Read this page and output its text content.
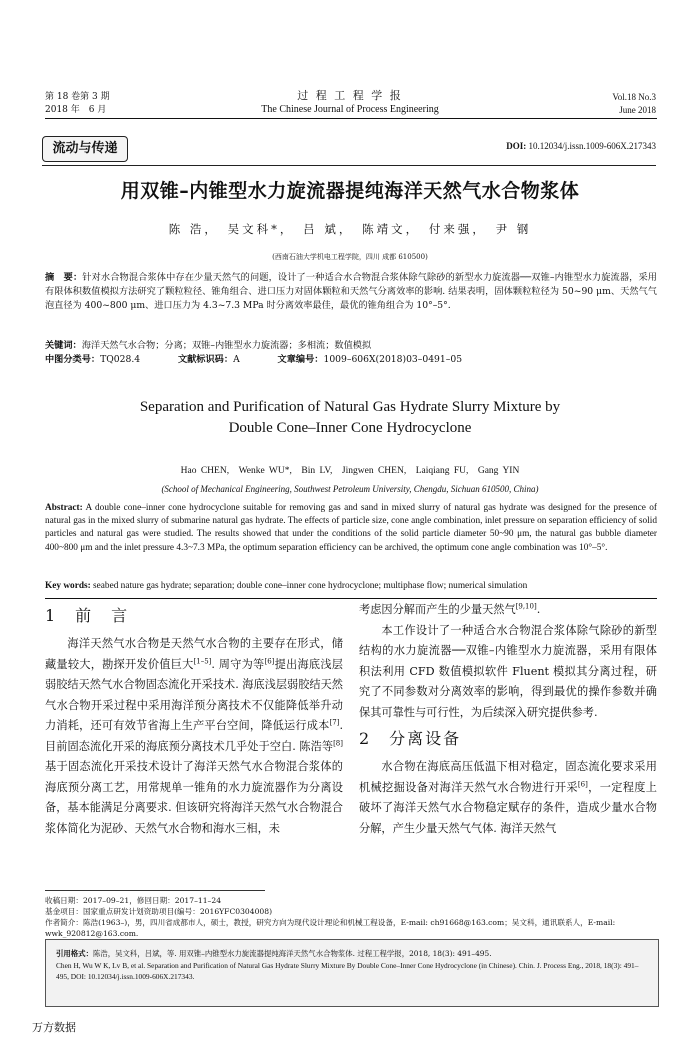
第 18 卷第 3 期
2018 年　6 月
过 程 工 程 学 报
The Chinese Journal of Process Engineering
Vol.18 No.3
June 2018
流动与传递	DOI: 10.12034/j.issn.1009-606X.217343
用双锥–内锥型水力旋流器提纯海洋天然气水合物浆体
陈 浩，　吴文科*，　吕 斌，　陈靖文，　付来强，　尹 钢
(西南石油大学机电工程学院，四川 成都 610500)
摘　要：针对水合物混合浆体中存在少量天然气的问题，设计了一种适合水合物混合浆体除气除砂的新型水力旋流器──双锥–内锥型水力旋流器，采用有限体积数值模拟方法研究了颗粒粒径、锥角组合、进口压力对固体颗粒和天然气分离效率的影响. 结果表明，固体颗粒粒径为 50~90 μm、天然气气泡直径为 400~800 μm、进口压力为 4.3~7.3 MPa 时分离效率最佳，最优的锥角组合为 10°–5°.
关键词：海洋天然气水合物；分离；双锥–内锥型水力旋流器；多相流；数值模拟
中图分类号：TQ028.4	文献标识码：A	文章编号：1009–606X(2018)03–0491–05
Separation and Purification of Natural Gas Hydrate Slurry Mixture by
Double Cone–Inner Cone Hydrocyclone
Hao CHEN,　Wenke WU*,　Bin LV,　Jingwen CHEN,　Laiqiang FU,　Gang YIN
(School of Mechanical Engineering, Southwest Petroleum University, Chengdu, Sichuan 610500, China)
Abstract: A double cone–inner cone hydrocyclone suitable for removing gas and sand in mixed slurry of natural gas hydrate was designed for the presence of natural gas in the mixed slurry of submarine natural gas hydrate. The effects of particle size, cone angle combination, inlet pressure on separation efficiency of solid particles and natural gas were studied. The results showed that under the conditions of the solid particle diameter 50~90 μm, the natural gas bubble diameter 400~800 μm and the inlet pressure 4.3~7.3 MPa, the optimum separation efficiency can be archived, the optimum cone angle combination was 10°–5°.
Key words: seabed nature gas hydrate; separation; double cone–inner cone hydrocyclone; multiphase flow; numerical simulation
1　前　言

海洋天然气水合物是天然气水合物的主要存在形式，储藏量较大，勘探开发价值巨大[1–5]. 周守为等[6]提出海底浅层弱胶结天然气水合物固态流化开采技术. 海底浅层弱胶结天然气水合物开采过程中采用海洋预分离技术不仅能降低举升动力消耗，还可有效节省海上生产平台空间，降低运行成本[7]. 目前固态流化开采的海底预分离技术几乎处于空白. 陈浩等[8]基于固态流化开采技术设计了海洋天然气水合物混合浆体的海底预分离工艺，用常规单一锥角的水力旋流器作为分离设备，基本能满足分离要求. 但该研究将海洋天然气水合物混合浆体简化为泥砂、天然气水合物和海水三相，未

考虑因分解而产生的少量天然气[9,10].

本工作设计了一种适合水合物混合浆体除气除砂的新型结构的水力旋流器──双锥–内锥型水力旋流器，采用有限体积法利用 CFD 数值模拟软件 Fluent 模拟其分离过程，研究了不同参数对分离效率的影响，得到最优的操作参数并确保其可靠性与可行性，为后续深入研究提供参考.

2　分离设备

水合物在海底高压低温下相对稳定，固态流化要求采用机械挖掘设备对海洋天然气水合物进行开采[6]，一定程度上破坏了海洋天然气水合物稳定赋存的条件，造成少量水合物分解，产生少量天然气气体. 海洋天然气

收稿日期：2017–09–21，修回日期：2017–11–24
基金项目：国家重点研发计划资助项目(编号：2016YFC0304008)
作者简介：陈浩(1963–)，男，四川省成都市人，硕士，教授，研究方向为现代设计理论和机械工程设备，E-mail: ch91668@163.com；吴文科，通讯联系人，E-mail: wwk_920812@163.com.
引用格式：陈浩，吴文科，吕斌，等. 用双锥–内锥型水力旋流器提纯海洋天然气水合物浆体. 过程工程学报，2018, 18(3): 491–495.
Chen H, Wu W K, Lv B, et al. Separation and Purification of Natural Gas Hydrate Slurry Mixture By Double Cone–Inner Cone Hydrocyclone (in Chinese). Chin. J. Process Eng., 2018, 18(3): 491–495, DOI: 10.12034/j.issn.1009-606X.217343.
万方数据
